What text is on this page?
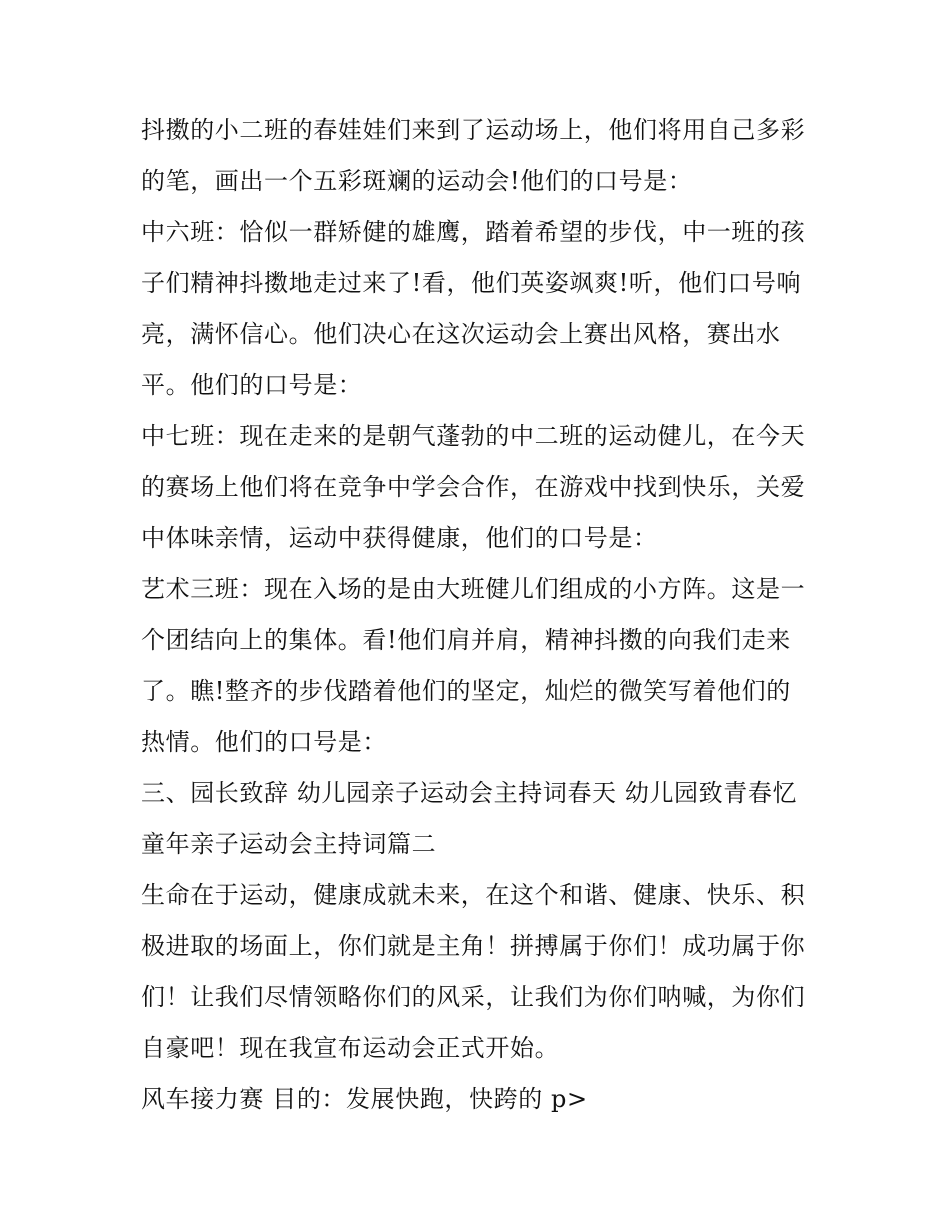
抖擞的小二班的春娃娃们来到了运动场上，他们将用自己多彩
的笔，画出一个五彩斑斓的运动会!他们的口号是：
中六班：恰似一群矫健的雄鹰，踏着希望的步伐，中一班的孩
子们精神抖擞地走过来了!看，他们英姿飒爽!听，他们口号响
亮，满怀信心。他们决心在这次运动会上赛出风格，赛出水
平。他们的口号是：
中七班：现在走来的是朝气蓬勃的中二班的运动健儿，在今天
的赛场上他们将在竞争中学会合作，在游戏中找到快乐，关爱
中体味亲情，运动中获得健康，他们的口号是：
艺术三班：现在入场的是由大班健儿们组成的小方阵。这是一
个团结向上的集体。看!他们肩并肩，精神抖擞的向我们走来
了。瞧!整齐的步伐踏着他们的坚定，灿烂的微笑写着他们的
热情。他们的口号是：
三、园长致辞 幼儿园亲子运动会主持词春天 幼儿园致青春忆
童年亲子运动会主持词篇二
生命在于运动，健康成就未来，在这个和谐、健康、快乐、积
极进取的场面上，你们就是主角！拼搏属于你们！成功属于你
们！让我们尽情领略你们的风采，让我们为你们呐喊，为你们
自豪吧！现在我宣布运动会正式开始。
风车接力赛 目的：发展快跑，快跨的 p>
